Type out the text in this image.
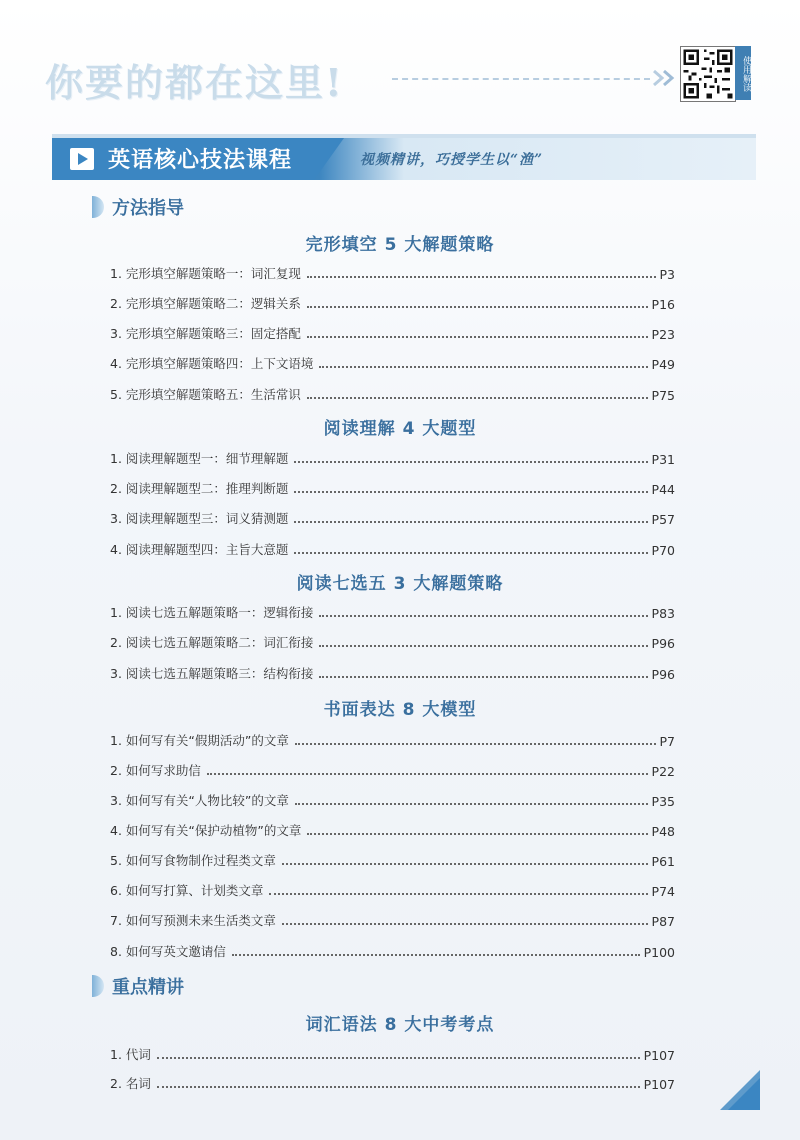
你要的都在这里!	使用解读
英语核心技法课程	视频精讲，巧授学生以“渔”
方法指导
完形填空 5 大解题策略
1. 完形填空解题策略一：词汇复现	P3
2. 完形填空解题策略二：逻辑关系	P16
3. 完形填空解题策略三：固定搭配	P23
4. 完形填空解题策略四：上下文语境	P49
5. 完形填空解题策略五：生活常识	P75
阅读理解 4 大题型
1. 阅读理解题型一：细节理解题	P31
2. 阅读理解题型二：推理判断题	P44
3. 阅读理解题型三：词义猜测题	P57
4. 阅读理解题型四：主旨大意题	P70
阅读七选五 3 大解题策略
1. 阅读七选五解题策略一：逻辑衔接	P83
2. 阅读七选五解题策略二：词汇衔接	P96
3. 阅读七选五解题策略三：结构衔接	P96
书面表达 8 大模型
1. 如何写有关“假期活动”的文章	P7
2. 如何写求助信	P22
3. 如何写有关“人物比较”的文章	P35
4. 如何写有关“保护动植物”的文章	P48
5. 如何写食物制作过程类文章	P61
6. 如何写打算、计划类文章	P74
7. 如何写预测未来生活类文章	P87
8. 如何写英文邀请信	P100
重点精讲
词汇语法 8 大中考考点
1. 代词	P107
2. 名词	P107
